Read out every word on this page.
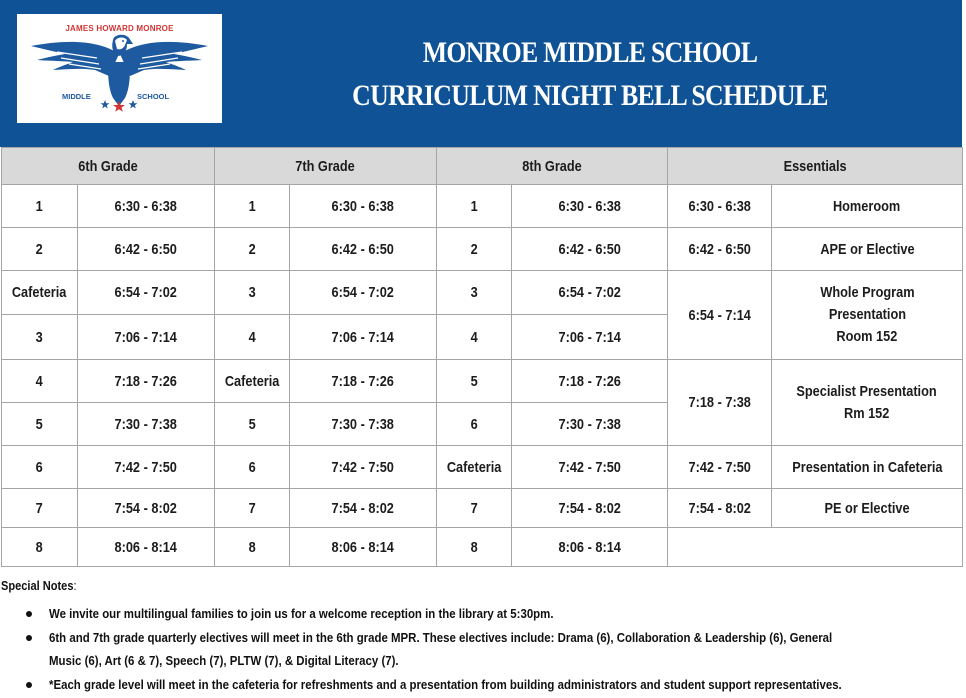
JAMES HOWARD MONROE
MIDDLE	SCHOOL
MONROE MIDDLE SCHOOL
CURRICULUM NIGHT BELL SCHEDULE
6th Grade		7th Grade		8th Grade		Essentials	
1	6:30 - 6:38	1	6:30 - 6:38	1	6:30 - 6:38	6:30 - 6:38	Homeroom
2	6:42 - 6:50	2	6:42 - 6:50	2	6:42 - 6:50	6:42 - 6:50	APE or Elective
Cafeteria	6:54 - 7:02	3	6:54 - 7:02	3	6:54 - 7:02	6:54 - 7:14	Whole Program
Presentation
Room 152
3	7:06 - 7:14	4	7:06 - 7:14	4	7:06 - 7:14		
4	7:18 - 7:26	Cafeteria	7:18 - 7:26	5	7:18 - 7:26	7:18 - 7:38	Specialist Presentation
Rm 152
5	7:30 - 7:38	5	7:30 - 7:38	6	7:30 - 7:38		
6	7:42 - 7:50	6	7:42 - 7:50	Cafeteria	7:42 - 7:50	7:42 - 7:50	Presentation in Cafeteria
7	7:54 - 8:02	7	7:54 - 8:02	7	7:54 - 8:02	7:54 - 8:02	PE or Elective
8	8:06 - 8:14	8	8:06 - 8:14	8	8:06 - 8:14		
Special Notes:
We invite our multilingual families to join us for a welcome reception in the library at 5:30pm.
6th and 7th grade quarterly electives will meet in the 6th grade MPR. These electives include: Drama (6), Collaboration & Leadership (6), General
Music (6), Art (6 & 7), Speech (7), PLTW (7), & Digital Literacy (7).
*Each grade level will meet in the cafeteria for refreshments and a presentation from building administrators and student support representatives.
